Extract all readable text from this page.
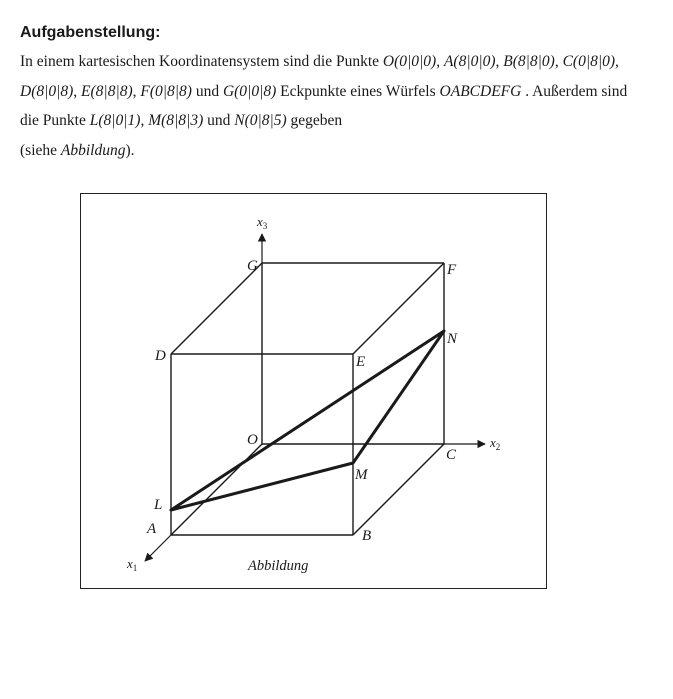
Aufgabenstellung:
In einem kartesischen Koordinatensystem sind die Punkte O(0|0|0), A(8|0|0), B(8|8|0), C(0|8|0), D(8|0|8), E(8|8|8), F(0|8|8) und G(0|0|8) Eckpunkte eines Würfels OABCDEFG . Außerdem sind die Punkte L(8|0|1), M(8|8|3) und N(0|8|5) gegeben
(siehe Abbildung).
G	F
D	E
N
O
C
M
L
A	B
$x_3$
$x_2$
$x_1$	Abbildung
